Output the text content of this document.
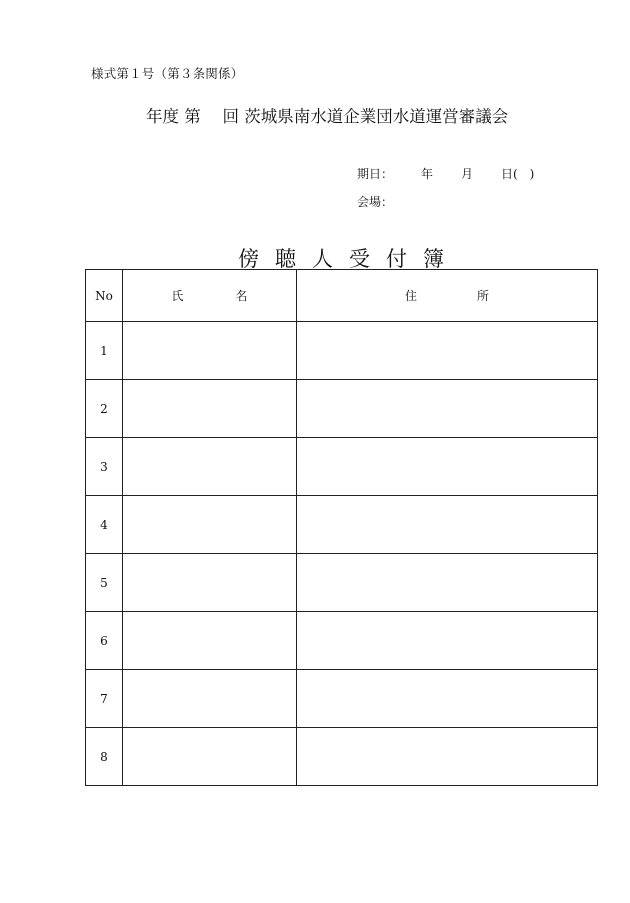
様式第１号（第３条関係）
年度 第　 回 茨城県南水道企業団水道運営審議会
期日： 年 月 日 (　)
会場：
傍 聴 人 受 付 簿
No	氏 名	住 所

1		
2		
3		
4		
5		
6		
7		
8		
